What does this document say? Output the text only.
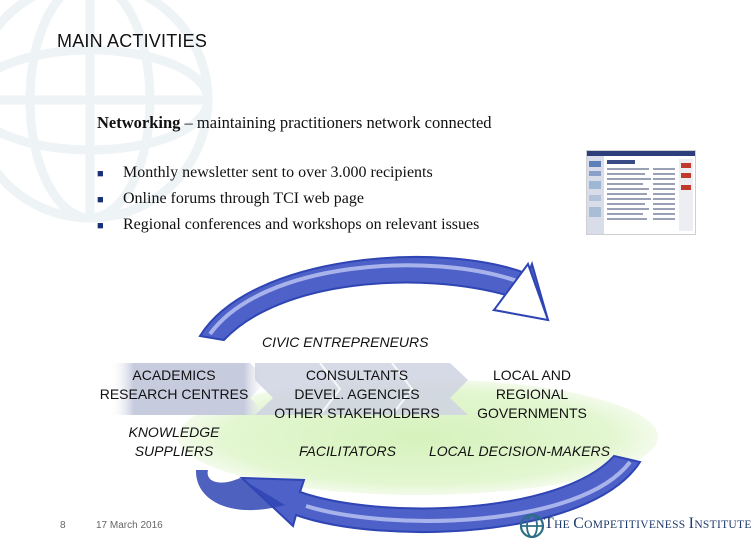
MAIN ACTIVITIES
Networking – maintaining practitioners network connected
■ Monthly newsletter sent to over 3.000 recipients
■ Online forums through TCI web page
■ Regional conferences and workshops on relevant issues
CIVIC ENTREPRENEURS
ACADEMICS
RESEARCH CENTRES
CONSULTANTS
DEVEL. AGENCIES
OTHER STAKEHOLDERS
LOCAL AND
REGIONAL
GOVERNMENTS
KNOWLEDGE
SUPPLIERS	FACILITATORS LOCAL DECISION-MAKERS
8	17 March 2016	THE COMPETITIVENESS INSTITUTE
